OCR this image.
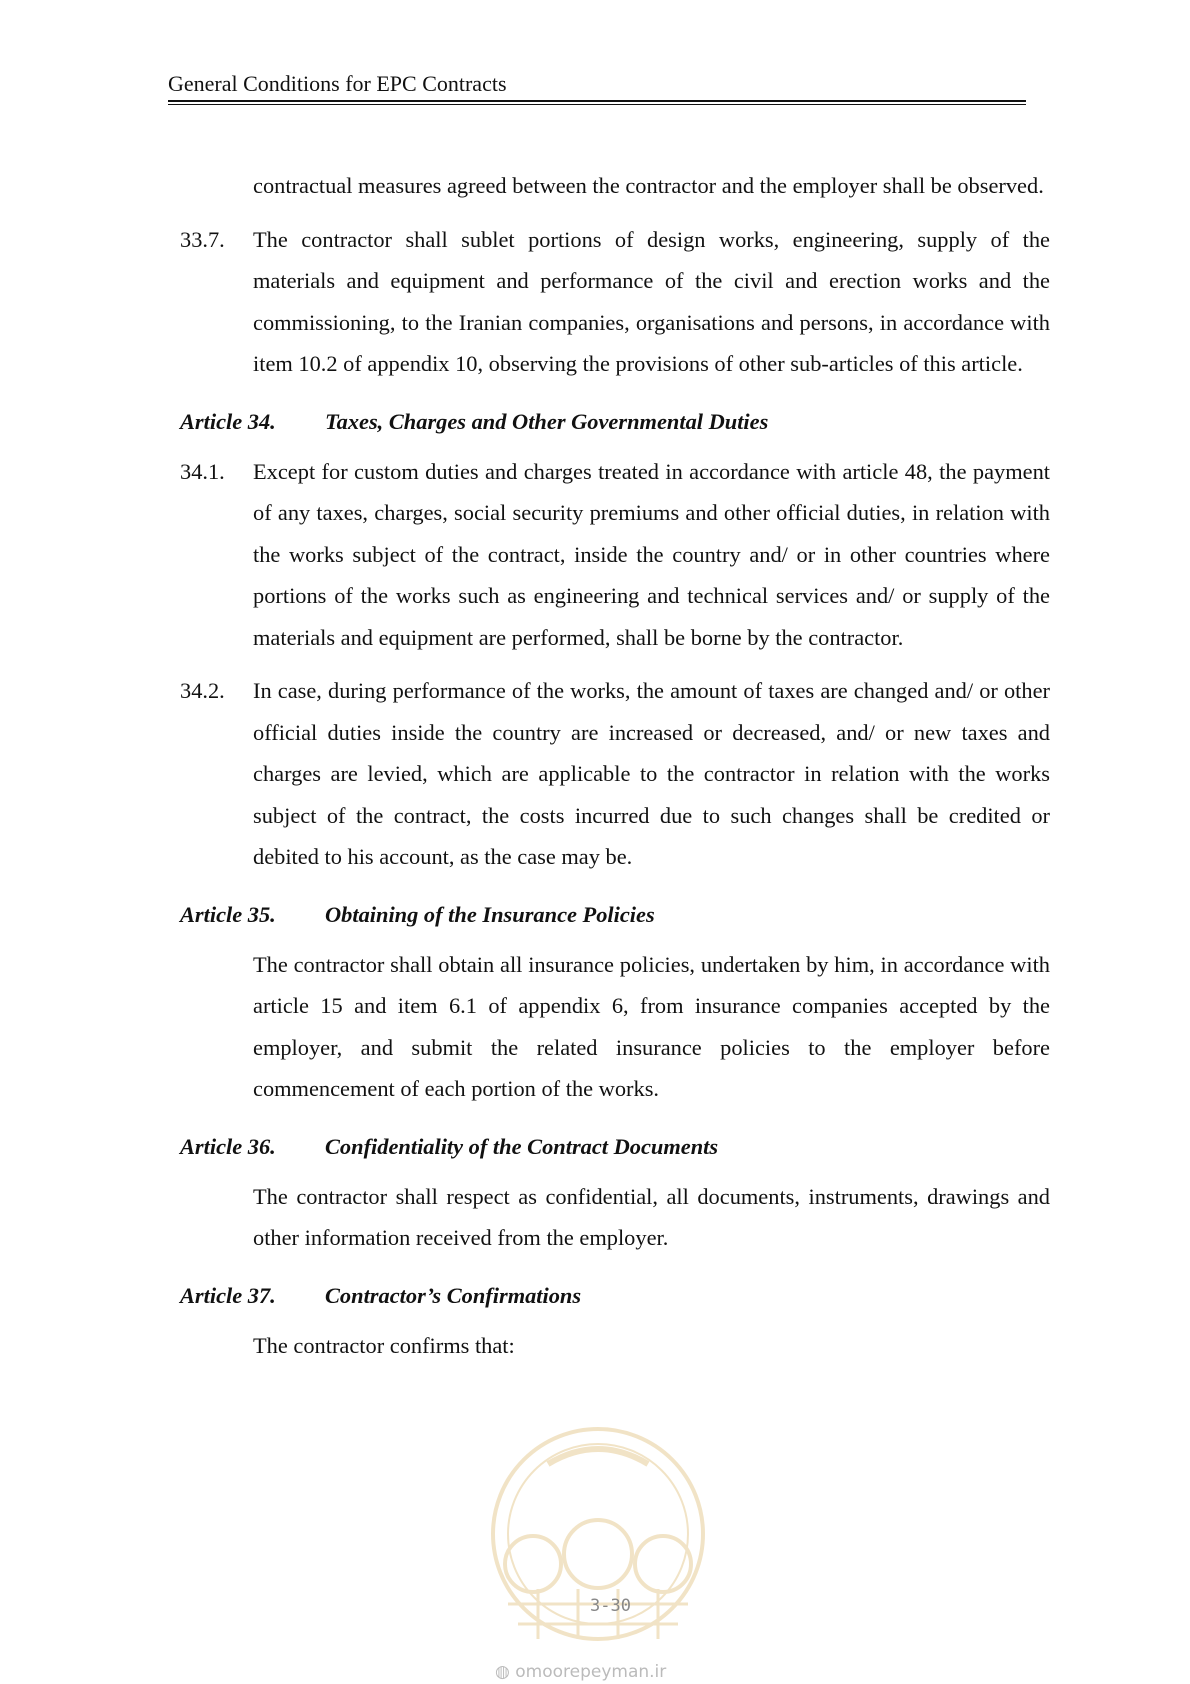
General Conditions for EPC Contracts

contractual measures agreed between the contractor and the employer shall be observed.

33.7.	The contractor shall sublet portions of design works, engineering, supply of the materials and equipment and performance of the civil and erection works and the commissioning, to the Iranian companies, organisations and persons, in accordance with item 10.2 of appendix 10, observing the provisions of other sub-articles of this article.
Article 34.	Taxes, Charges and Other Governmental Duties
34.1.	Except for custom duties and charges treated in accordance with article 48, the payment of any taxes, charges, social security premiums and other official duties, in relation with the works subject of the contract, inside the country and/ or in other countries where portions of the works such as engineering and technical services and/ or supply of the materials and equipment are performed, shall be borne by the contractor.
34.2.	In case, during performance of the works, the amount of taxes are changed and/ or other official duties inside the country are increased or decreased, and/ or new taxes and charges are levied, which are applicable to the contractor in relation with the works subject of the contract, the costs incurred due to such changes shall be credited or debited to his account, as the case may be.
Article 35.	Obtaining of the Insurance Policies

The contractor shall obtain all insurance policies, undertaken by him, in accordance with article 15 and item 6.1 of appendix 6, from insurance companies accepted by the employer, and submit the related insurance policies to the employer before commencement of each portion of the works.

Article 36.	Confidentiality of the Contract Documents

The contractor shall respect as confidential, all documents, instruments, drawings and other information received from the employer.

Article 37.	Contractor’s Confirmations

The contractor confirms that:

3-30
◍ omoorepeyman.ir
